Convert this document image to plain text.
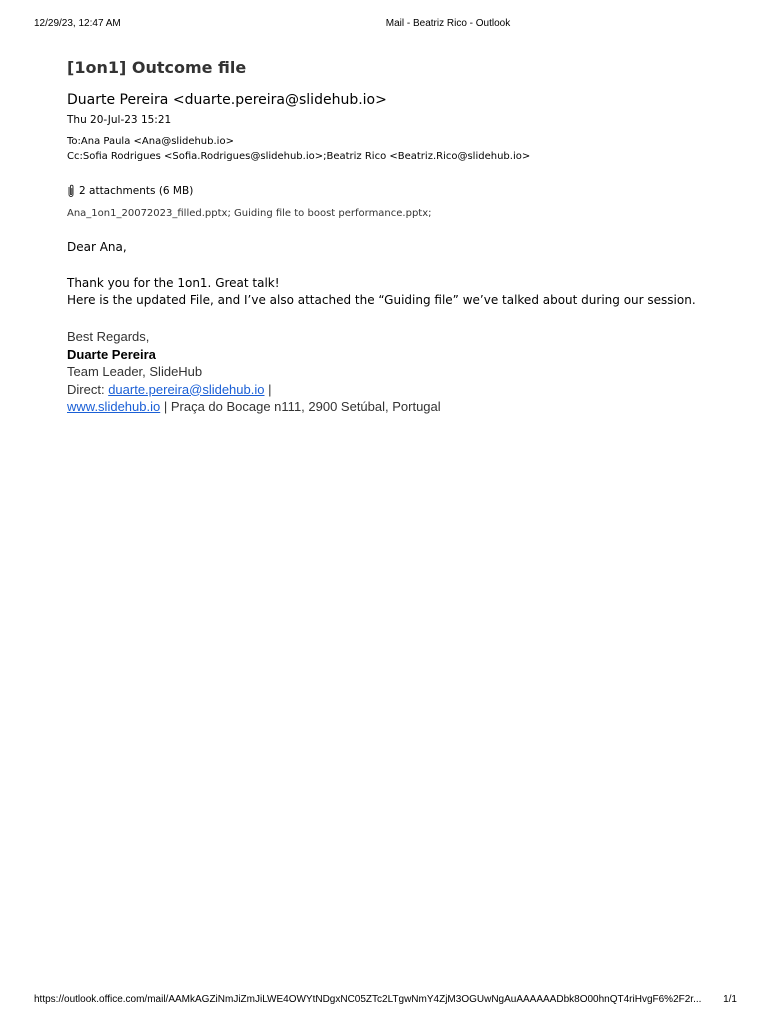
12/29/23, 12:47 AM	Mail - Beatriz Rico - Outlook
[1on1] Outcome file
Duarte Pereira <duarte.pereira@slidehub.io>
Thu 20-Jul-23 15:21
To:Ana Paula <Ana@slidehub.io>
Cc:Sofia Rodrigues <Sofia.Rodrigues@slidehub.io>;Beatriz Rico <Beatriz.Rico@slidehub.io>
2 attachments (6 MB)
Ana_1on1_20072023_filled.pptx; Guiding file to boost performance.pptx;
Dear Ana,
Thank you for the 1on1. Great talk!
Here is the updated File, and I’ve also attached the “Guiding file” we’ve talked about during our session.
Best Regards,
Duarte Pereira
Team Leader, SlideHub
Direct: duarte.pereira@slidehub.io |
www.slidehub.io | Praça do Bocage n111, 2900 Setúbal, Portugal
https://outlook.office.com/mail/AAMkAGZiNmJiZmJiLWE4OWYtNDgxNC05ZTc2LTgwNmY4ZjM3OGUwNgAuAAAAAADbk8O00hnQT4riHvgF6%2F2r... 1/1
